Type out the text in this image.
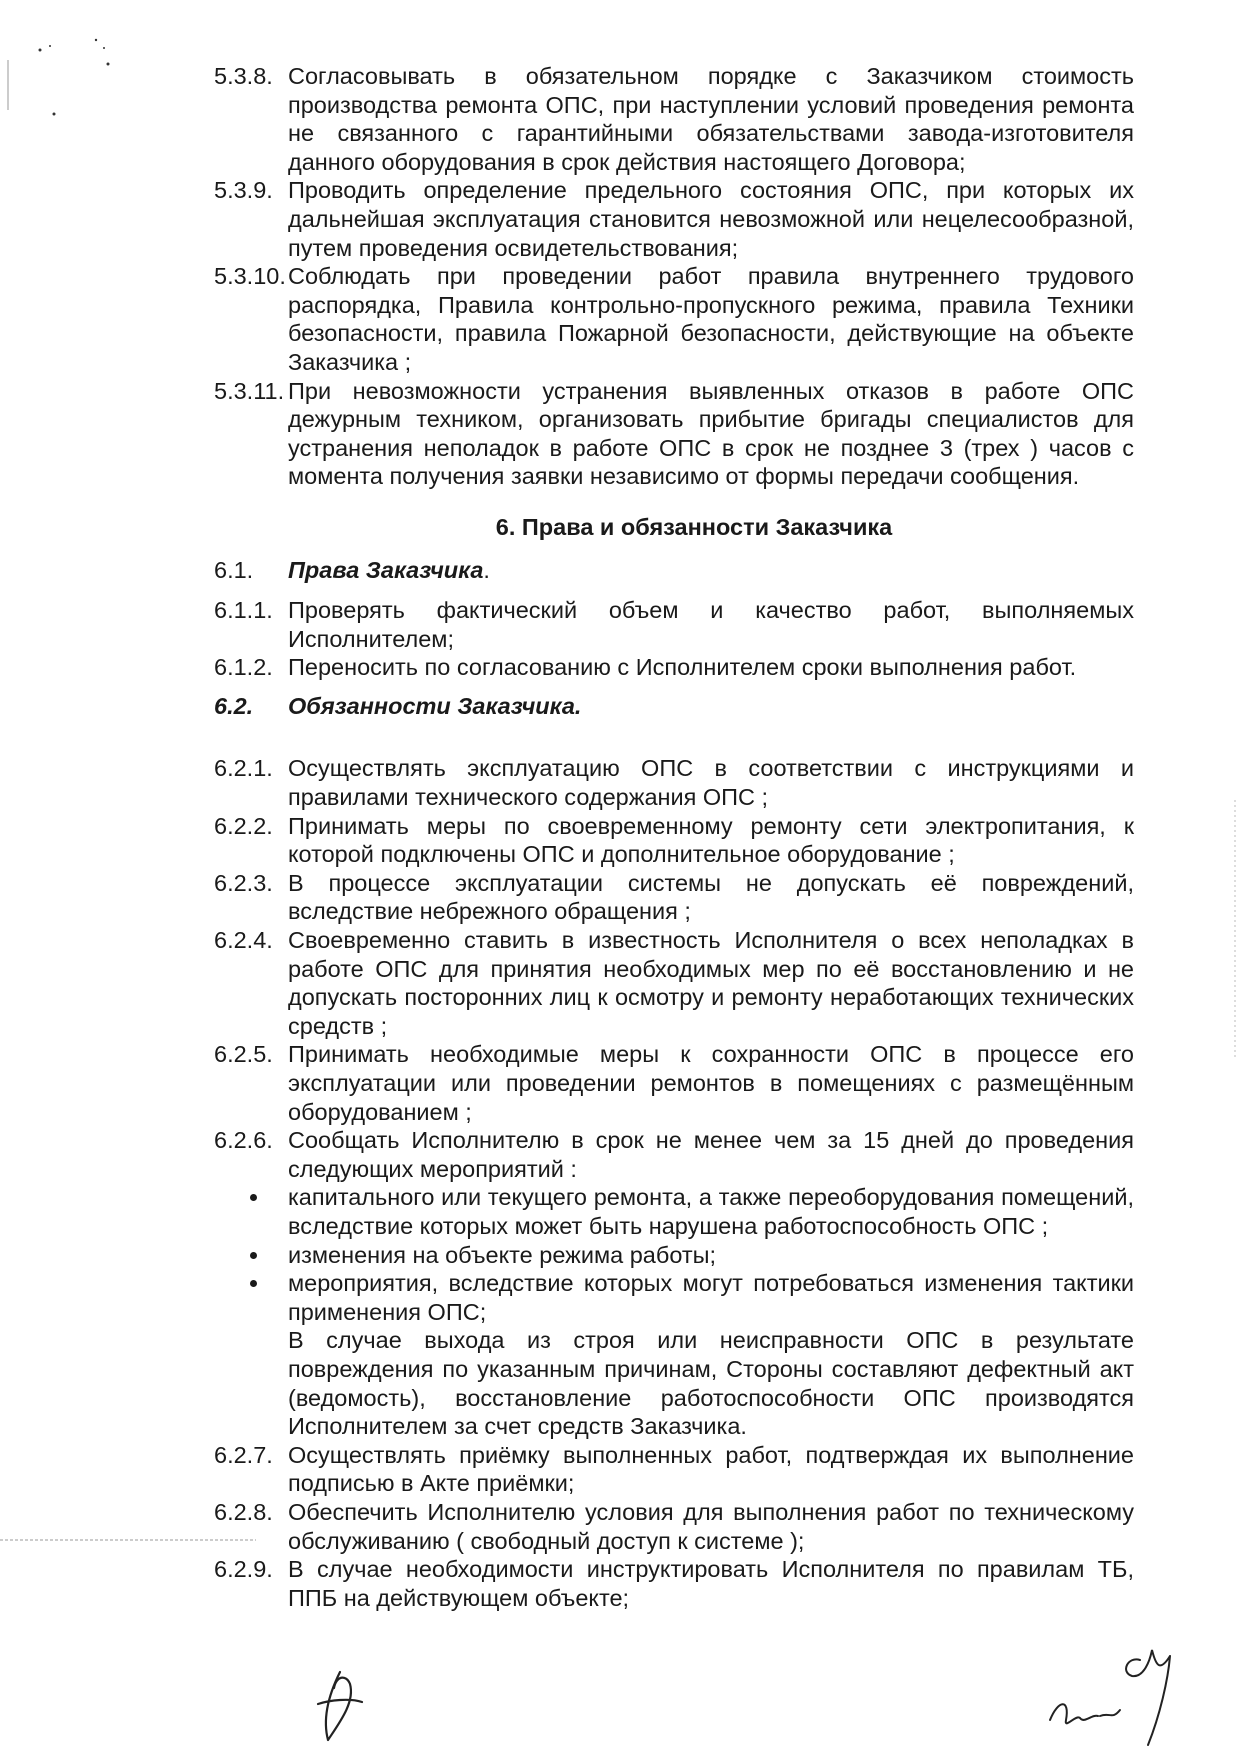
5.3.8. Согласовывать в обязательном порядке с Заказчиком стоимость производства ремонта ОПС, при наступлении условий проведения ремонта не связанного с гарантийными обязательствами завода-изготовителя данного оборудования в срок действия настоящего Договора;
5.3.9. Проводить определение предельного состояния ОПС, при которых их дальнейшая эксплуатация становится невозможной или нецелесообразной, путем проведения освидетельствования;
5.3.10. Соблюдать при проведении работ правила внутреннего трудового распорядка, Правила контрольно-пропускного режима, правила Техники безопасности, правила Пожарной безопасности, действующие на объекте Заказчика ;
5.3.11. При невозможности устранения выявленных отказов в работе ОПС дежурным техником, организовать прибытие бригады специалистов для устранения неполадок в работе ОПС в срок не позднее 3 (трех ) часов с момента получения заявки независимо от формы передачи сообщения.
6. Права и обязанности Заказчика
6.1.	Права Заказчика.
6.1.1. Проверять фактический объем и качество работ, выполняемых Исполнителем;
6.1.2. Переносить по согласованию с Исполнителем сроки выполнения работ.
6.2.	Обязанности Заказчика.
6.2.1. Осуществлять эксплуатацию ОПС в соответствии с инструкциями и правилами технического содержания ОПС ;
6.2.2. Принимать меры по своевременному ремонту сети электропитания, к которой подключены ОПС и дополнительное оборудование ;
6.2.3. В процессе эксплуатации системы не допускать её повреждений, вследствие небрежного обращения ;
6.2.4. Своевременно ставить в известность Исполнителя о всех неполадках в работе ОПС для принятия необходимых мер по её восстановлению и не допускать посторонних лиц к осмотру и ремонту неработающих технических средств ;
6.2.5. Принимать необходимые меры к сохранности ОПС в процессе его эксплуатации или проведении ремонтов в помещениях с размещённым оборудованием ;
6.2.6. Сообщать Исполнителю в срок не менее чем за 15 дней до проведения следующих мероприятий :
капитального или текущего ремонта, а также переоборудования помещений, вследствие которых может быть нарушена работоспособность ОПС ;
изменения на объекте режима работы;
мероприятия, вследствие которых могут потребоваться изменения тактики применения ОПС;
В случае выхода из строя или неисправности ОПС в результате повреждения по указанным причинам, Стороны составляют дефектный акт (ведомость), восстановление работоспособности ОПС производятся Исполнителем за счет средств Заказчика.
6.2.7. Осуществлять приёмку выполненных работ, подтверждая их выполнение подписью в Акте приёмки;
6.2.8. Обеспечить Исполнителю условия для выполнения работ по техническому обслуживанию ( свободный доступ к системе );
6.2.9. В случае необходимости инструктировать Исполнителя по правилам ТБ, ППБ на действующем объекте;
